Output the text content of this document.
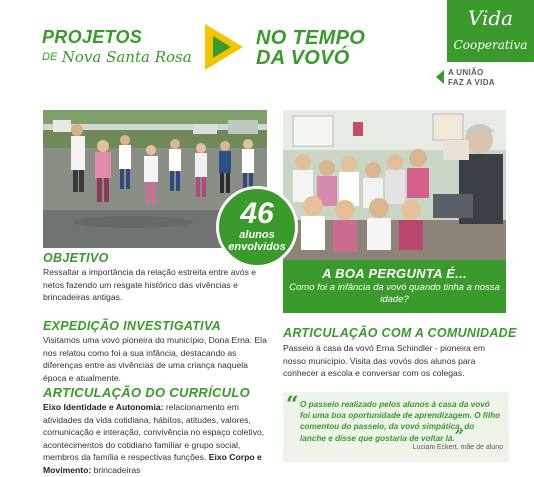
PROJETOS
$^{DE}$ Nova Santa Rosa
NO TEMPO
DA VOVÓ
Vida
Cooperativa
A UNIÃO
FAZ A VIDA
46
alunos
envolvidos
OBJETIVO
Ressaltar a importância da relação estreita entre avós e netos fazendo um resgate histórico das vivências e brincadeiras antigas.
EXPEDIÇÃO INVESTIGATIVA
Visitamos uma vovó pioneira do município, Dona Erna. Ela nos relatou como foi a sua infância, destacando as diferenças entre as vivências de uma criança naquela época e atualmente.
ARTICULAÇÃO DO CURRÍCULO
Eixo Identidade e Autonomia: relacionamento em atividades da vida cotidiana, hábitos, atitudes, valores, comunicação e interação, convivência no espaço coletivo, acontecimentos do cotidiano familiar e grupo social, membros da família e respectivas funções. Eixo Corpo e Movimento: brincadeiras
A BOA PERGUNTA É...
Como foi a infância da vovó quando tinha a nossa idade?
ARTICULAÇÃO COM A COMUNIDADE
Passeio à casa da vovó Erna Schindler - pioneira em nosso município. Visita das vovós dos alunos para conhecer a escola e conversar com os colegas.
“ O passeio realizado pelos alunos à casa da vovó foi uma boa oportunidade de aprendizagem. O filho comentou do passeio, da vovó simpática, do lanche e disse que gostaria de voltar lá.”
Luciani Eckert, mãe de aluno
